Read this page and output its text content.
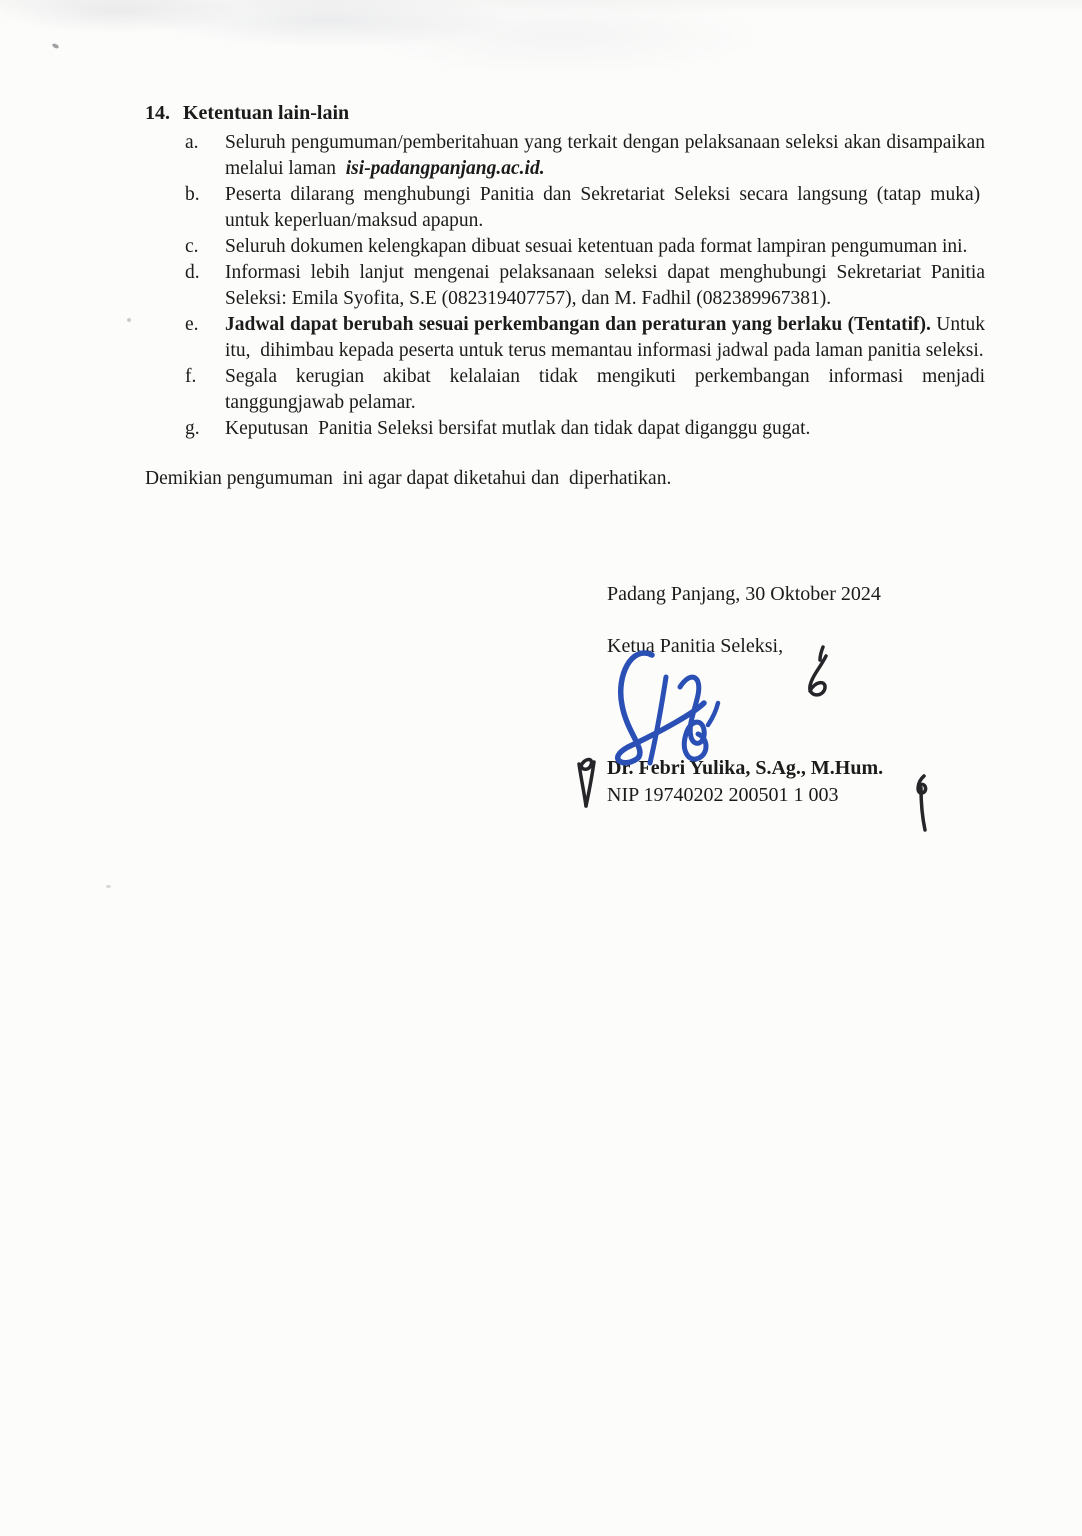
14. Ketentuan lain-lain
a.	Seluruh pengumuman/pemberitahuan yang terkait dengan pelaksanaan seleksi akan disampaikan melalui laman  isi-padangpanjang.ac.id.
b.	Peserta dilarang menghubungi Panitia dan Sekretariat Seleksi secara langsung (tatap muka)  untuk keperluan/maksud apapun.
c.	Seluruh dokumen kelengkapan dibuat sesuai ketentuan pada format lampiran pengumuman ini.
d.	Informasi lebih lanjut mengenai pelaksanaan seleksi dapat menghubungi Sekretariat Panitia Seleksi: Emila Syofita, S.E (082319407757), dan M. Fadhil (082389967381).
e.	Jadwal dapat berubah sesuai perkembangan dan peraturan yang berlaku (Tentatif). Untuk itu,  dihimbau kepada peserta untuk terus memantau informasi jadwal pada laman panitia seleksi.
f.	Segala kerugian akibat kelalaian tidak mengikuti perkembangan informasi menjadi tanggungjawab pelamar.
g.	Keputusan  Panitia Seleksi bersifat mutlak dan tidak dapat diganggu gugat.
Demikian pengumuman  ini agar dapat diketahui dan  diperhatikan.
Padang Panjang, 30 Oktober 2024
Ketua Panitia Seleksi,
Dr. Febri Yulika, S.Ag., M.Hum.
NIP 19740202 200501 1 003
